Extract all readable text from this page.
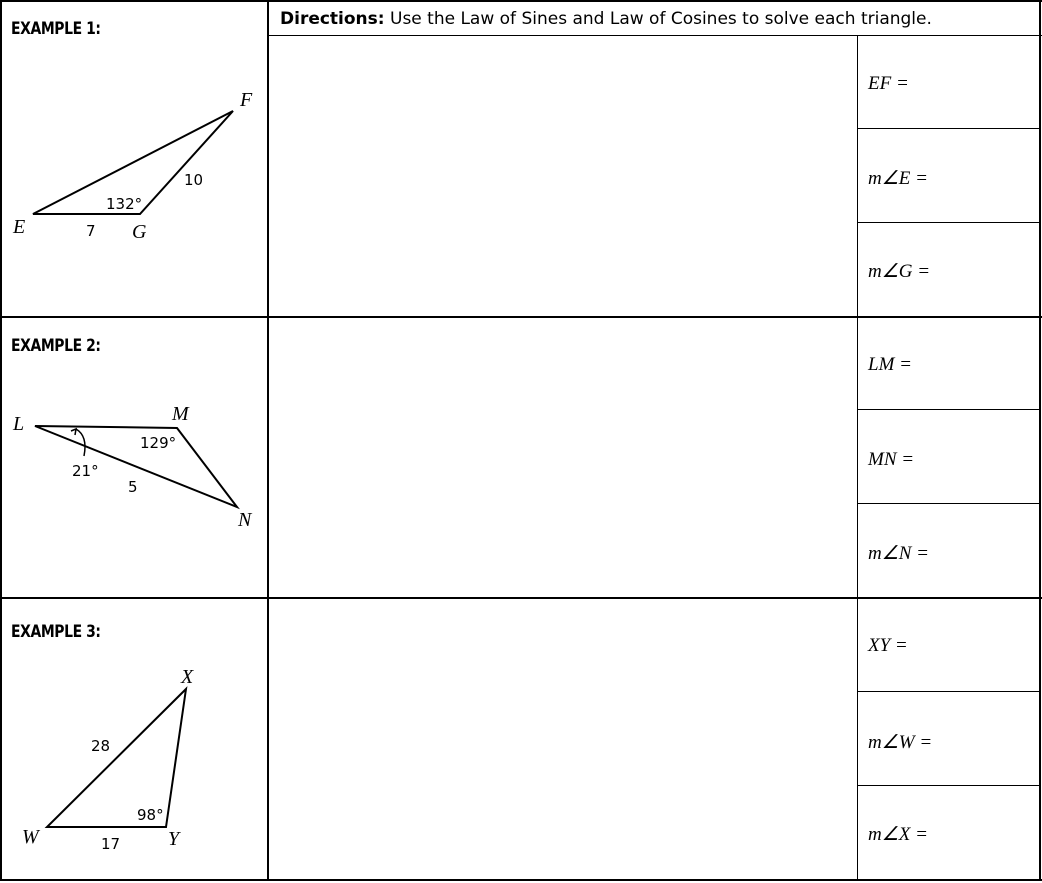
Directions: Use the Law of Sines and Law of Cosines to solve each triangle.
EXAMPLE 1:
EXAMPLE 2:
EXAMPLE 3:
E
F
G
132°
7
10
L	M
N
129°
21°
5
W
X
Y
98°
28
17
EF =
m∠E =
m∠G =
LM =
MN =
m∠N =
XY =
m∠W =
m∠X =
